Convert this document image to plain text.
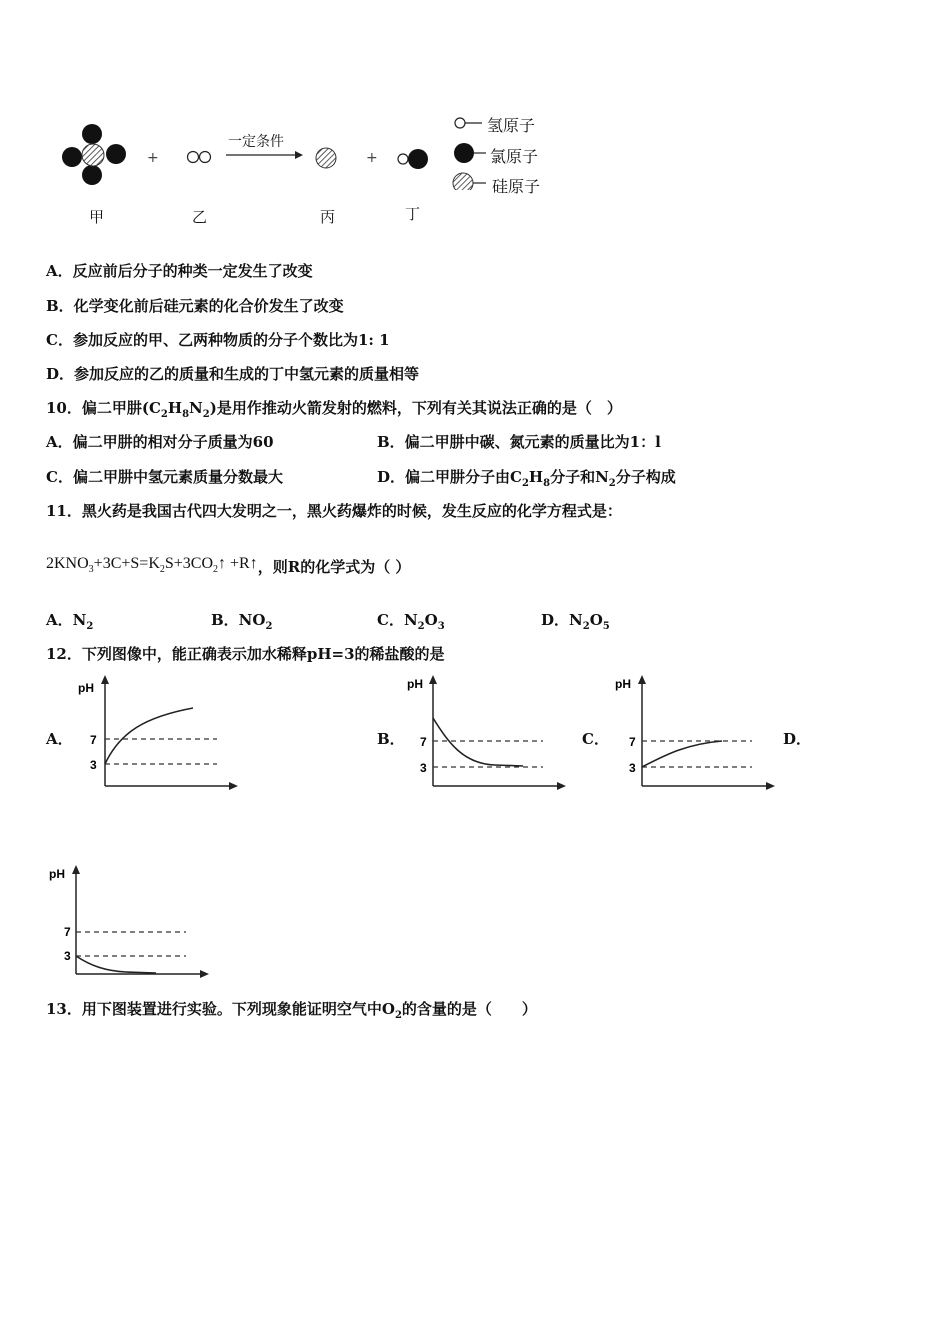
一定条件
+	+
氢原子
氯原子
硅原子
甲	乙	丙	丁
A．反应前后分子的种类一定发生了改变
B．化学变化前后硅元素的化合价发生了改变
C．参加反应的甲、乙两种物质的分子个数比为1: 1
D．参加反应的乙的质量和生成的丁中氢元素的质量相等
10．偏二甲肼$(C_2H_8N_2)$是用作推动火箭发射的燃料，下列有关其说法正确的是（　）
A．偏二甲肼的相对分子质量为60	B．偏二甲肼中碳、氮元素的质量比为1：l
C．偏二甲肼中氢元素质量分数最大	D．偏二甲肼分子由$C_2H_8$分子和$N_2$分子构成
11．黑火药是我国古代四大发明之一，黑火药爆炸的时候，发生反应的化学方程式是：
$2KNO_3+3C+S=K_2S+3CO_2↑$ +R↑，则R的化学式为（ ）
A．$N_2$	B．$NO_2$	C．$N_2O_3$	D．$N_2O_5$
12．下列图像中，能正确表示加水稀释pH=3的稀盐酸的是
A．	B．	C．	D．
pH
7
3
pH
7
3
pH
7
3
pH
7
3
13．用下图装置进行实验。下列现象能证明空气中$O_2$的含量的是（　　）
